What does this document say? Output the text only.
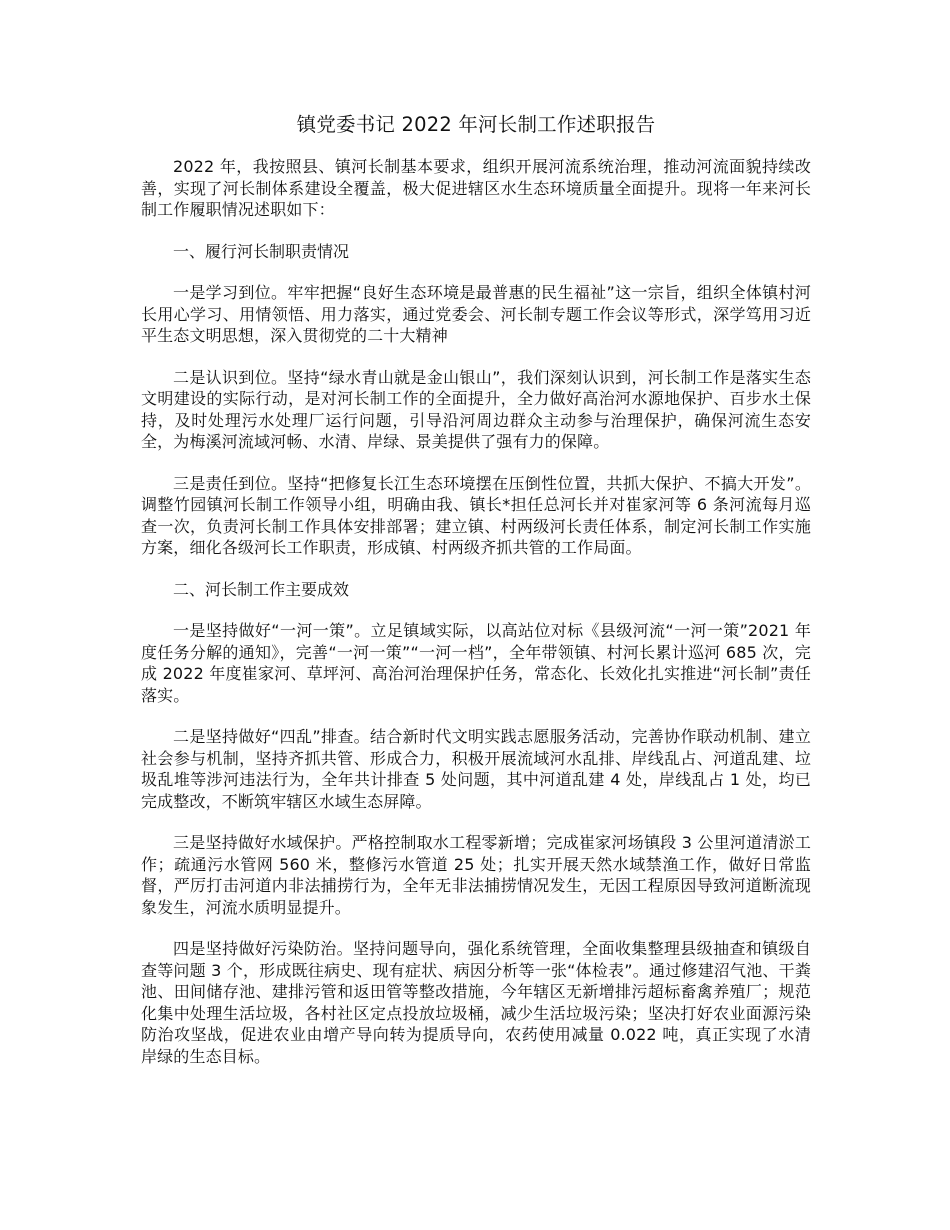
镇党委书记 2022 年河长制工作述职报告

2022 年，我按照县、镇河长制基本要求，组织开展河流系统治理，推动河流面貌持续改善，实现了河长制体系建设全覆盖，极大促进辖区水生态环境质量全面提升。现将一年来河长制工作履职情况述职如下：

一、履行河长制职责情况

一是学习到位。牢牢把握“良好生态环境是最普惠的民生福祉”这一宗旨，组织全体镇村河长用心学习、用情领悟、用力落实，通过党委会、河长制专题工作会议等形式，深学笃用习近平生态文明思想，深入贯彻党的二十大精神

二是认识到位。坚持“绿水青山就是金山银山”，我们深刻认识到，河长制工作是落实生态文明建设的实际行动，是对河长制工作的全面提升，全力做好高治河水源地保护、百步水土保持，及时处理污水处理厂运行问题，引导沿河周边群众主动参与治理保护，确保河流生态安全，为梅溪河流域河畅、水清、岸绿、景美提供了强有力的保障。

三是责任到位。坚持“把修复长江生态环境摆在压倒性位置，共抓大保护、不搞大开发”。调整竹园镇河长制工作领导小组，明确由我、镇长*担任总河长并对崔家河等 6 条河流每月巡查一次，负责河长制工作具体安排部署；建立镇、村两级河长责任体系，制定河长制工作实施方案，细化各级河长工作职责，形成镇、村两级齐抓共管的工作局面。

二、河长制工作主要成效

一是坚持做好“一河一策”。立足镇域实际，以高站位对标《县级河流“一河一策”2021 年度任务分解的通知》，完善“一河一策”“一河一档”，全年带领镇、村河长累计巡河 685 次，完成 2022 年度崔家河、草坪河、高治河治理保护任务，常态化、长效化扎实推进“河长制”责任落实。

二是坚持做好“四乱”排查。结合新时代文明实践志愿服务活动，完善协作联动机制、建立社会参与机制，坚持齐抓共管、形成合力，积极开展流域河水乱排、岸线乱占、河道乱建、垃圾乱堆等涉河违法行为，全年共计排查 5 处问题，其中河道乱建 4 处，岸线乱占 1 处，均已完成整改，不断筑牢辖区水域生态屏障。

三是坚持做好水域保护。严格控制取水工程零新增；完成崔家河场镇段 3 公里河道清淤工作；疏通污水管网 560 米，整修污水管道 25 处；扎实开展天然水域禁渔工作，做好日常监督，严厉打击河道内非法捕捞行为，全年无非法捕捞情况发生，无因工程原因导致河道断流现象发生，河流水质明显提升。

四是坚持做好污染防治。坚持问题导向，强化系统管理，全面收集整理县级抽查和镇级自查等问题 3 个，形成既往病史、现有症状、病因分析等一张“体检表”。通过修建沼气池、干粪池、田间储存池、建排污管和返田管等整改措施，今年辖区无新增排污超标畜禽养殖厂；规范化集中处理生活垃圾，各村社区定点投放垃圾桶，减少生活垃圾污染；坚决打好农业面源污染防治攻坚战，促进农业由增产导向转为提质导向，农药使用减量 0.022 吨，真正实现了水清岸绿的生态目标。
